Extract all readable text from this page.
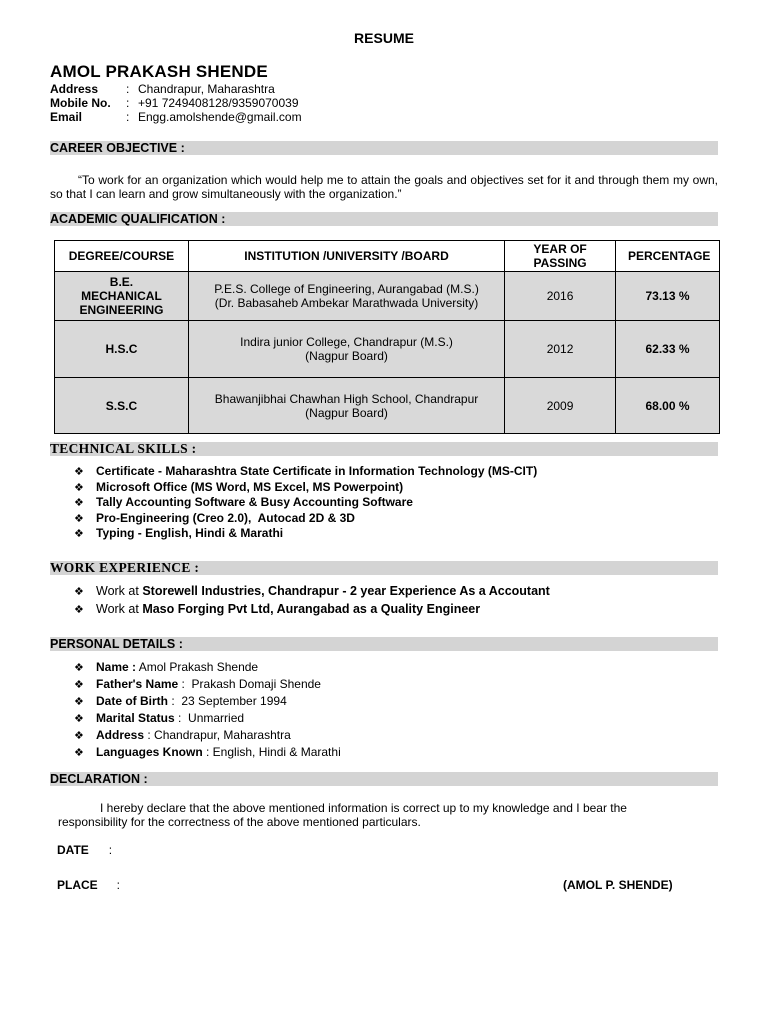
RESUME
AMOL PRAKASH SHENDE
Address : Chandrapur, Maharashtra
Mobile No. : +91 7249408128/9359070039
Email	: Engg.amolshende@gmail.com
CAREER OBJECTIVE :
“To work for an organization which would help me to attain the goals and objectives set for it and through them my own, so that I can learn and grow simultaneously with the organization.”
ACADEMIC QUALIFICATION :
DEGREE/COURSE	INSTITUTION /UNIVERSITY /BOARD	YEAR OF PASSING	PERCENTAGE

B.E. MECHANICAL ENGINEERING	P.E.S. College of Engineering, Aurangabad (M.S.)
(Dr. Babasaheb Ambekar Marathwada University)	2016	73.13 %
H.S.C	Indira junior College, Chandrapur (M.S.)
(Nagpur Board)	2012	62.33 %
S.S.C	Bhawanjibhai Chawhan High School, Chandrapur
(Nagpur Board)	2009	68.00 %
TECHNICAL SKILLS :
❖ Certificate - Maharashtra State Certificate in Information Technology (MS-CIT)
❖ Microsoft Office (MS Word, MS Excel, MS Powerpoint)
❖ Tally Accounting Software & Busy Accounting Software
❖ Pro-Engineering (Creo 2.0),  Autocad 2D & 3D
❖ Typing - English, Hindi & Marathi
WORK EXPERIENCE :
❖ Work at Storewell Industries, Chandrapur - 2 year Experience As a Accoutant
❖ Work at Maso Forging Pvt Ltd, Aurangabad as a Quality Engineer
PERSONAL DETAILS :
❖ Name : Amol Prakash Shende
❖ Father's Name :  Prakash Domaji Shende
❖ Date of Birth :  23 September 1994
❖ Marital Status :  Unmarried
❖ Address : Chandrapur, Maharashtra
❖ Languages Known : English, Hindi & Marathi
DECLARATION :
I hereby declare that the above mentioned information is correct up to my knowledge and I bear the responsibility for the correctness of the above mentioned particulars.
DATE :
PLACE :	(AMOL P. SHENDE)
